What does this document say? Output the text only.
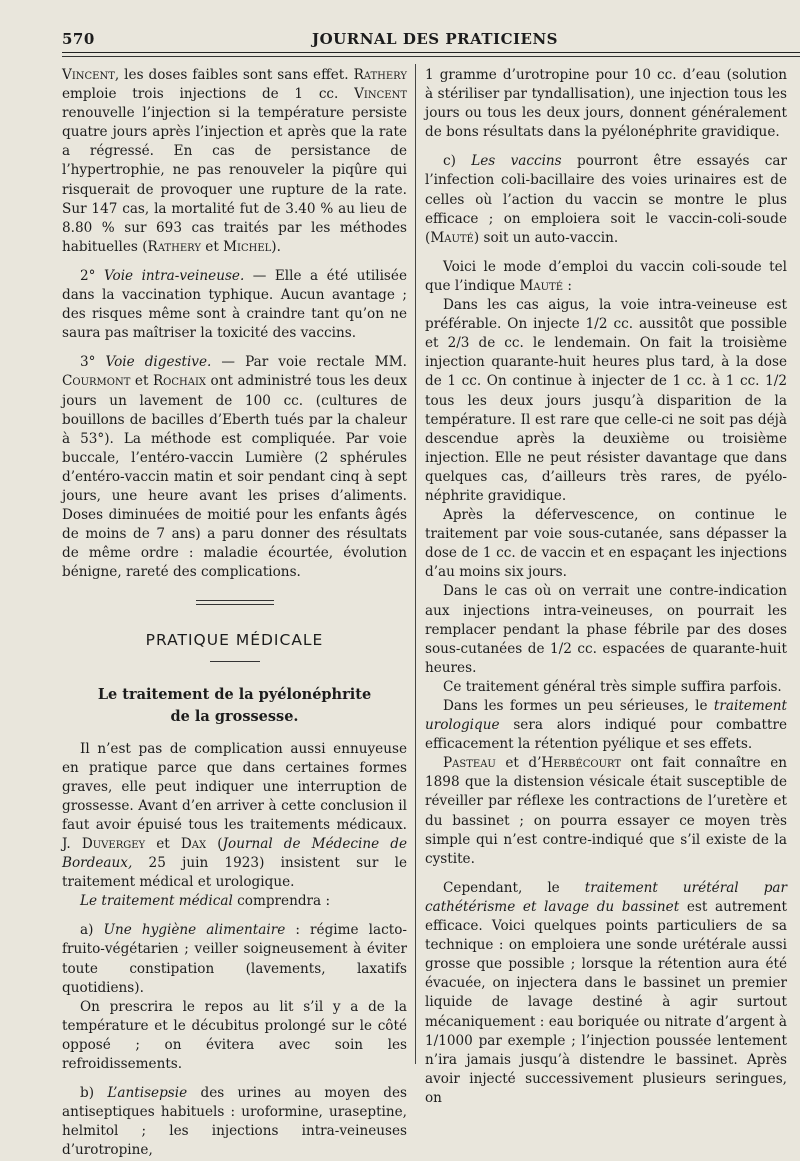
570	JOURNAL DES PRATICIENS

Vincent, les doses faibles sont sans effet. Rathery emploie trois injections de 1 cc. Vincent renouvelle l’injection si la température persiste quatre jours après l’injection et après que la rate a régressé. En cas de persistance de l’hypertrophie, ne pas renouveler la piqûre qui risquerait de provoquer une rupture de la rate. Sur 147 cas, la mortalité fut de 3.40 % au lieu de 8.80 % sur 693 cas traités par les méthodes habituelles (Rathery et Michel).

2° Voie intra-veineuse. — Elle a été utilisée dans la vaccination typhique. Aucun avantage ; des risques même sont à craindre tant qu’on ne saura pas maîtriser la toxicité des vaccins.

3° Voie digestive. — Par voie rectale MM. Courmont et Rochaix ont administré tous les deux jours un lavement de 100 cc. (cultures de bouillons de bacilles d’Eberth tués par la chaleur à 53°). La méthode est compliquée. Par voie buccale, l’entéro-vaccin Lumière (2 sphérules d’entéro-vaccin matin et soir pendant cinq à sept jours, une heure avant les prises d’aliments. Doses diminuées de moitié pour les enfants âgés de moins de 7 ans) a paru donner des résultats de même ordre : maladie écourtée, évolution bénigne, rareté des complications.

PRATIQUE MÉDICALE
Le traitement de la pyélonéphrite
de la grossesse.

Il n’est pas de complication aussi ennuyeuse en pratique parce que dans certaines formes graves, elle peut indiquer une interruption de grossesse. Avant d’en arriver à cette conclusion il faut avoir épuisé tous les traitements médicaux. J. Duvergey et Dax (Journal de Médecine de Bordeaux, 25 juin 1923) insistent sur le traitement médical et urologique.

Le traitement médical comprendra :

a) Une hygiène alimentaire : régime lacto-fruito-végétarien ; veiller soigneusement à éviter toute constipation (lavements, laxatifs quotidiens).

On prescrira le repos au lit s’il y a de la température et le décubitus prolongé sur le côté opposé ; on évitera avec soin les refroidissements.

b) L’antisepsie des urines au moyen des antiseptiques habituels : uroformine, uraseptine, helmitol ; les injections intra-veineuses d’urotropine,

1 gramme d’urotropine pour 10 cc. d’eau (solution à stériliser par tyndallisation), une injection tous les jours ou tous les deux jours, donnent généralement de bons résultats dans la pyélonéphrite gravidique.

c) Les vaccins pourront être essayés car l’infection coli-bacillaire des voies urinaires est de celles où l’action du vaccin se montre le plus efficace ; on emploiera soit le vaccin-coli-soude (Mauté) soit un auto-vaccin.

Voici le mode d’emploi du vaccin coli-soude tel que l’indique Mauté :

Dans les cas aigus, la voie intra-veineuse est préférable. On injecte 1/2 cc. aussitôt que possible et 2/3 de cc. le lendemain. On fait la troisième injection quarante-huit heures plus tard, à la dose de 1 cc. On continue à injecter de 1 cc. à 1 cc. 1/2 tous les deux jours jusqu’à disparition de la température. Il est rare que celle-ci ne soit pas déjà descendue après la deuxième ou troisième injection. Elle ne peut résister davantage que dans quelques cas, d’ailleurs très rares, de pyélo-néphrite gravidique.

Après la défervescence, on continue le traitement par voie sous-cutanée, sans dépasser la dose de 1 cc. de vaccin et en espaçant les injections d’au moins six jours.

Dans le cas où on verrait une contre-indication aux injections intra-veineuses, on pourrait les remplacer pendant la phase fébrile par des doses sous-cutanées de 1/2 cc. espacées de quarante-huit heures.

Ce traitement général très simple suffira parfois.

Dans les formes un peu sérieuses, le traitement urologique sera alors indiqué pour combattre efficacement la rétention pyélique et ses effets.

Pasteau et d’Herbécourt ont fait connaître en 1898 que la distension vésicale était susceptible de réveiller par réflexe les contractions de l’uretère et du bassinet ; on pourra essayer ce moyen très simple qui n’est contre-indiqué que s’il existe de la cystite.

Cependant, le traitement urétéral par cathétérisme et lavage du bassinet est autrement efficace. Voici quelques points particuliers de sa technique : on emploiera une sonde urétérale aussi grosse que possible ; lorsque la rétention aura été évacuée, on injectera dans le bassinet un premier liquide de lavage destiné à agir surtout mécaniquement : eau boriquée ou nitrate d’argent à 1/1000 par exemple ; l’injection poussée lentement n’ira jamais jusqu’à distendre le bassinet. Après avoir injecté successivement plusieurs seringues, on
